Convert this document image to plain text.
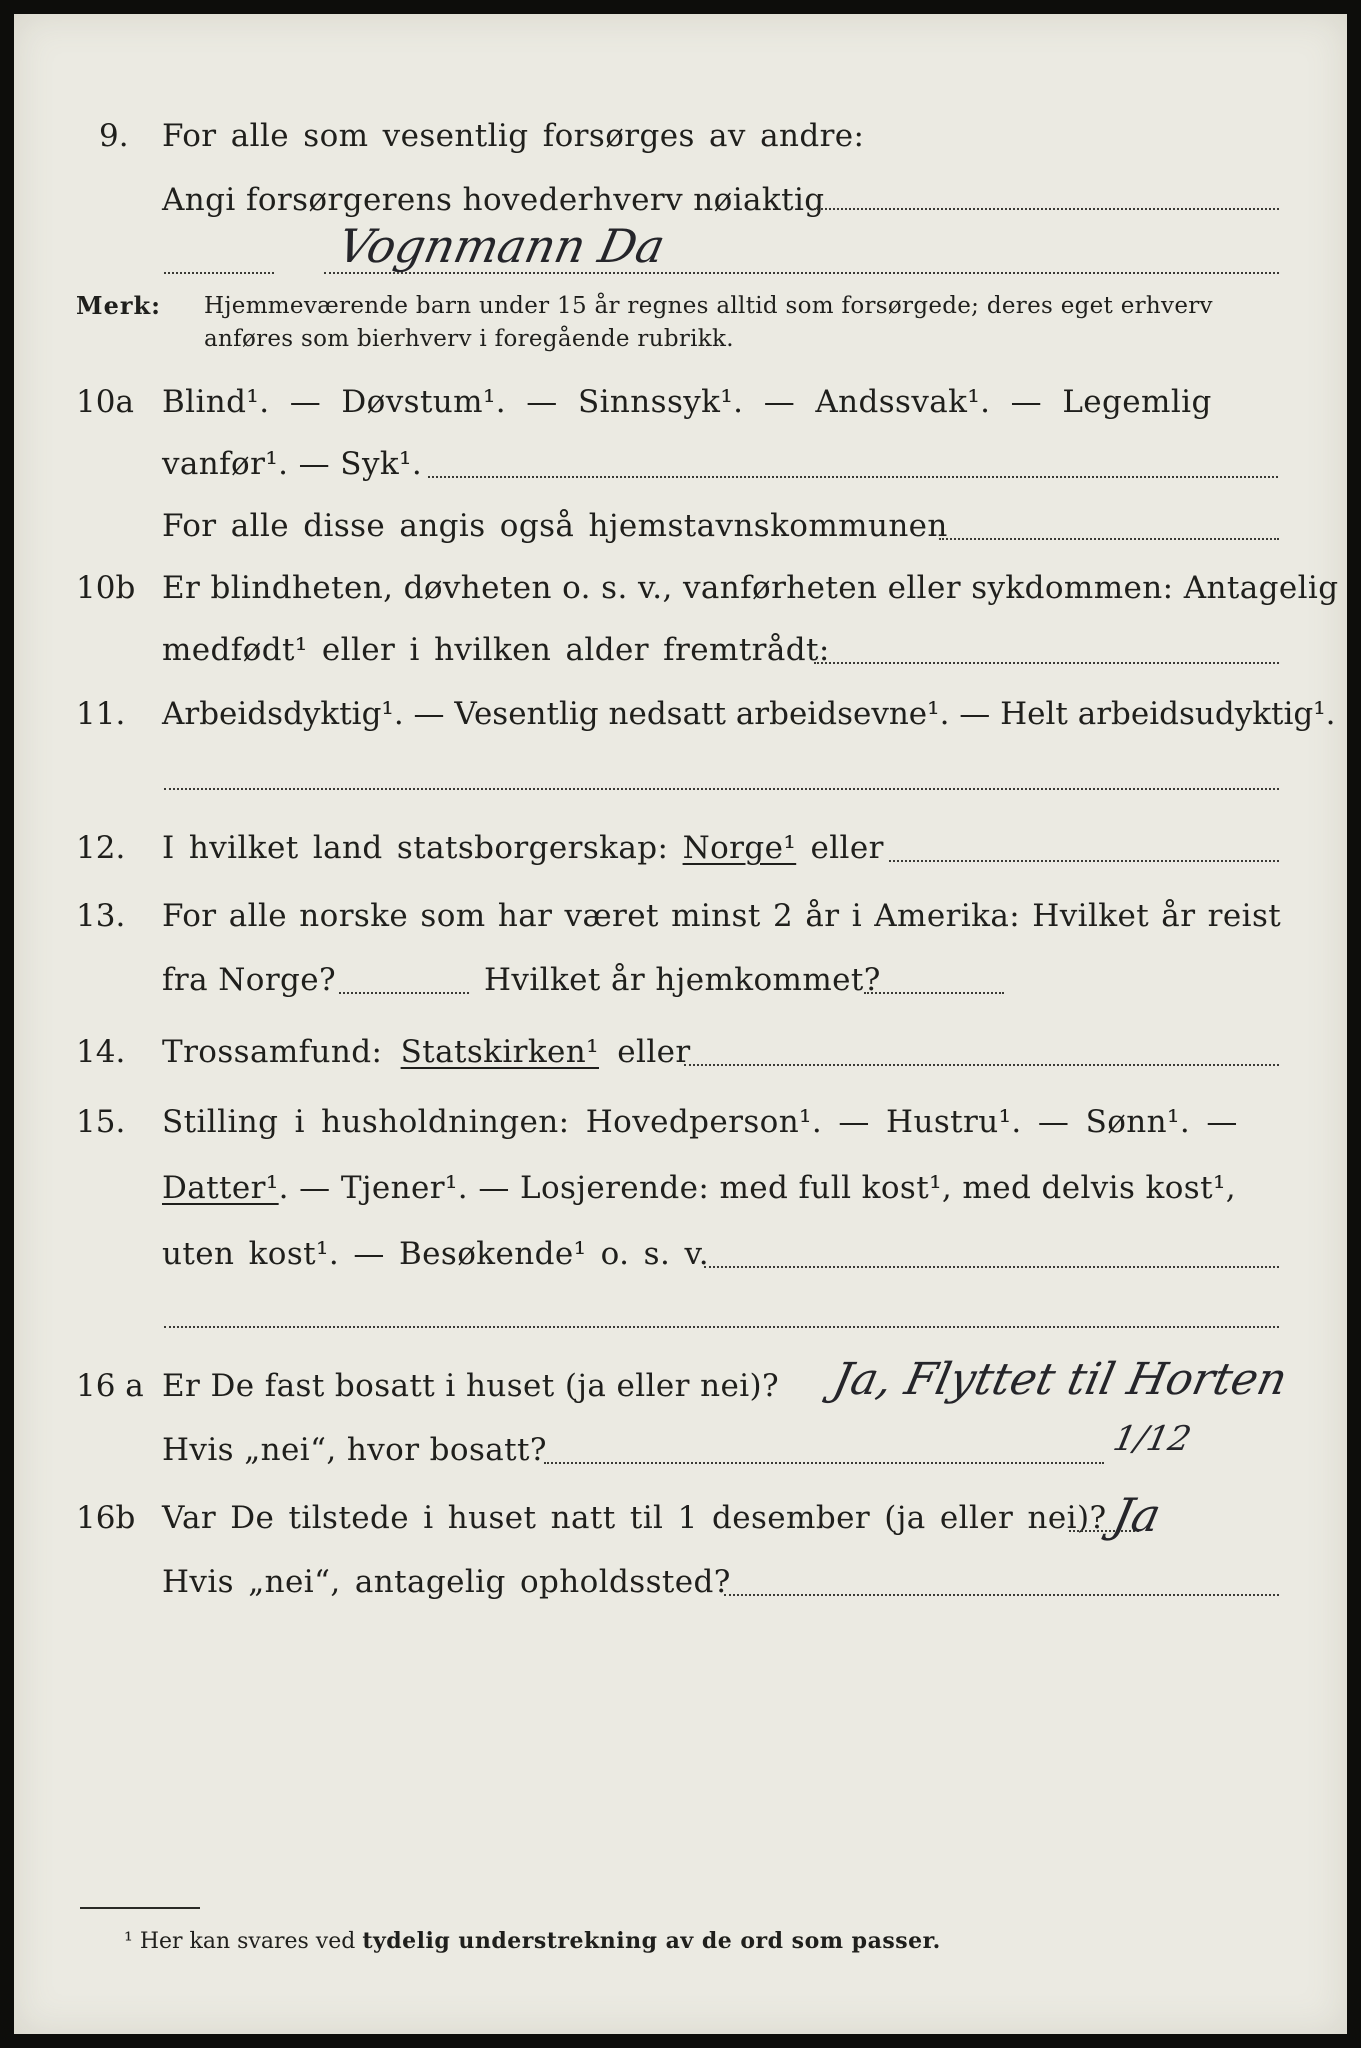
9. For alle som vesentlig forsørges av andre:
Angi forsørgerens hovederhverv nøiaktig
Vognmann Da
Merk: Hjemmeværende barn under 15 år regnes alltid som forsørgede; deres eget erhverv
anføres som bierhverv i foregående rubrikk.
10a Blind¹. — Døvstum¹. — Sinnssyk¹. — Andssvak¹. — Legemlig
vanfør¹. — Syk¹.
For alle disse angis også hjemstavnskommunen
10b Er blindheten, døvheten o. s. v., vanførheten eller sykdommen: Antagelig
medfødt¹ eller i hvilken alder fremtrådt:
11. Arbeidsdyktig¹. — Vesentlig nedsatt arbeidsevne¹. — Helt arbeidsudyktig¹.
12. I hvilket land statsborgerskap: Norge¹ eller
13. For alle norske som har været minst 2 år i Amerika: Hvilket år reist
fra Norge?	Hvilket år hjemkommet?
14. Trossamfund: Statskirken¹ eller
15. Stilling i husholdningen: Hovedperson¹. — Hustru¹. — Sønn¹. —
Datter¹. — Tjener¹. — Losjerende: med full kost¹, med delvis kost¹,
uten kost¹. — Besøkende¹ o. s. v.
16 a Er De fast bosatt i huset (ja eller nei)? Ja, Flyttet til Horten
Hvis „nei“, hvor bosatt?	1/12
16b Var De tilstede i huset natt til 1 desember (ja eller nei)? Ja
Hvis „nei“, antagelig opholdssted?
¹ Her kan svares ved tydelig understrekning av de ord som passer.
